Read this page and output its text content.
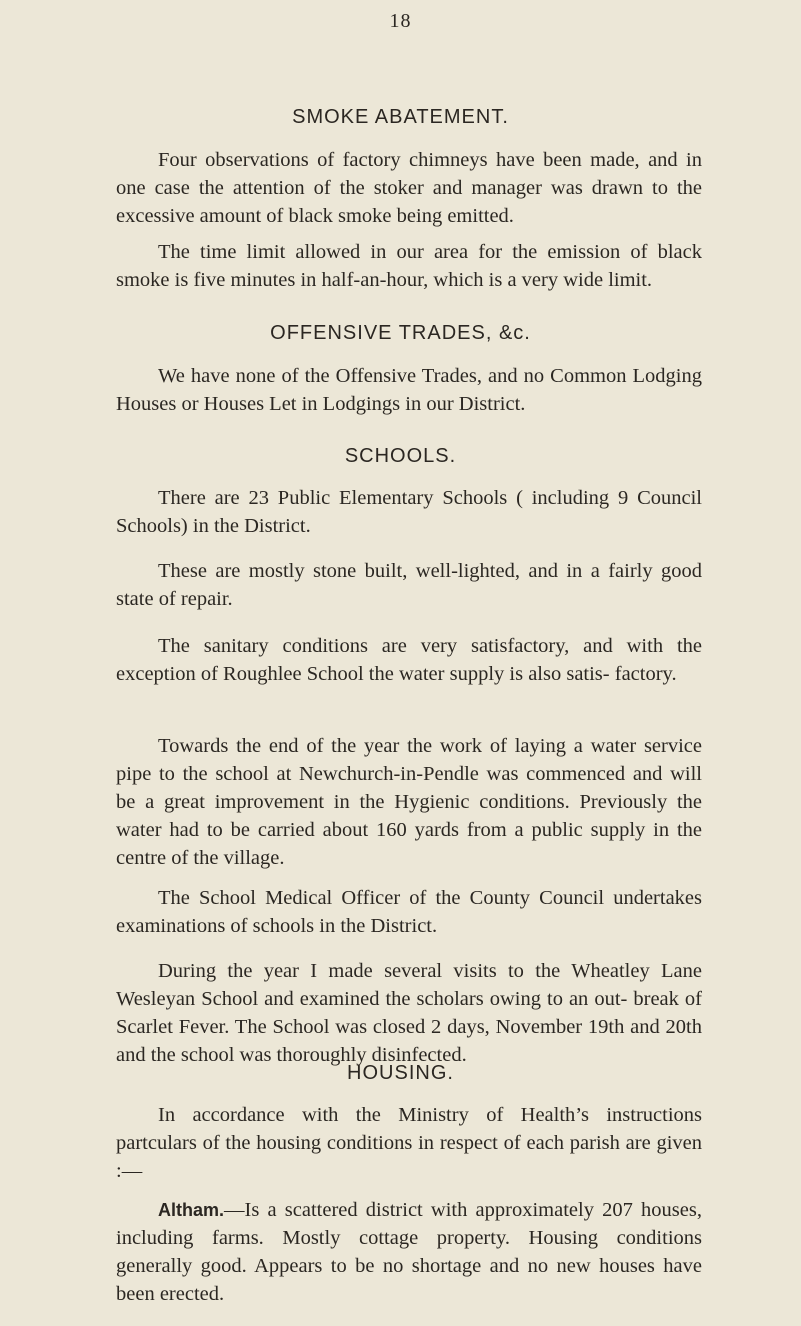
18
SMOKE ABATEMENT.

Four observations of factory chimneys have been made, and in one case the attention of the stoker and manager was drawn to the excessive amount of black smoke being emitted.

The time limit allowed in our area for the emission of black smoke is five minutes in half-an-hour, which is a very wide limit.

OFFENSIVE TRADES, &c.

We have none of the Offensive Trades, and no Common Lodging Houses or Houses Let in Lodgings in our District.

SCHOOLS.

There are 23 Public Elementary Schools ( including 9 Council Schools) in the District.

These are mostly stone built, well-lighted, and in a fairly good state of repair.

The sanitary conditions are very satisfactory, and with the exception of Roughlee School the water supply is also satis- factory.

Towards the end of the year the work of laying a water service pipe to the school at Newchurch-in-Pendle was commenced and will be a great improvement in the Hygienic conditions. Previously the water had to be carried about 160 yards from a public supply in the centre of the village.

The School Medical Officer of the County Council undertakes examinations of schools in the District.

During the year I made several visits to the Wheatley Lane Wesleyan School and examined the scholars owing to an out- break of Scarlet Fever. The School was closed 2 days, November 19th and 20th and the school was thoroughly disinfected.

HOUSING.

In accordance with the Ministry of Health’s instructions partculars of the housing conditions in respect of each parish are given :—

Altham.—Is a scattered district with approximately 207 houses, including farms. Mostly cottage property. Housing conditions generally good. Appears to be no shortage and no new houses have been erected.
